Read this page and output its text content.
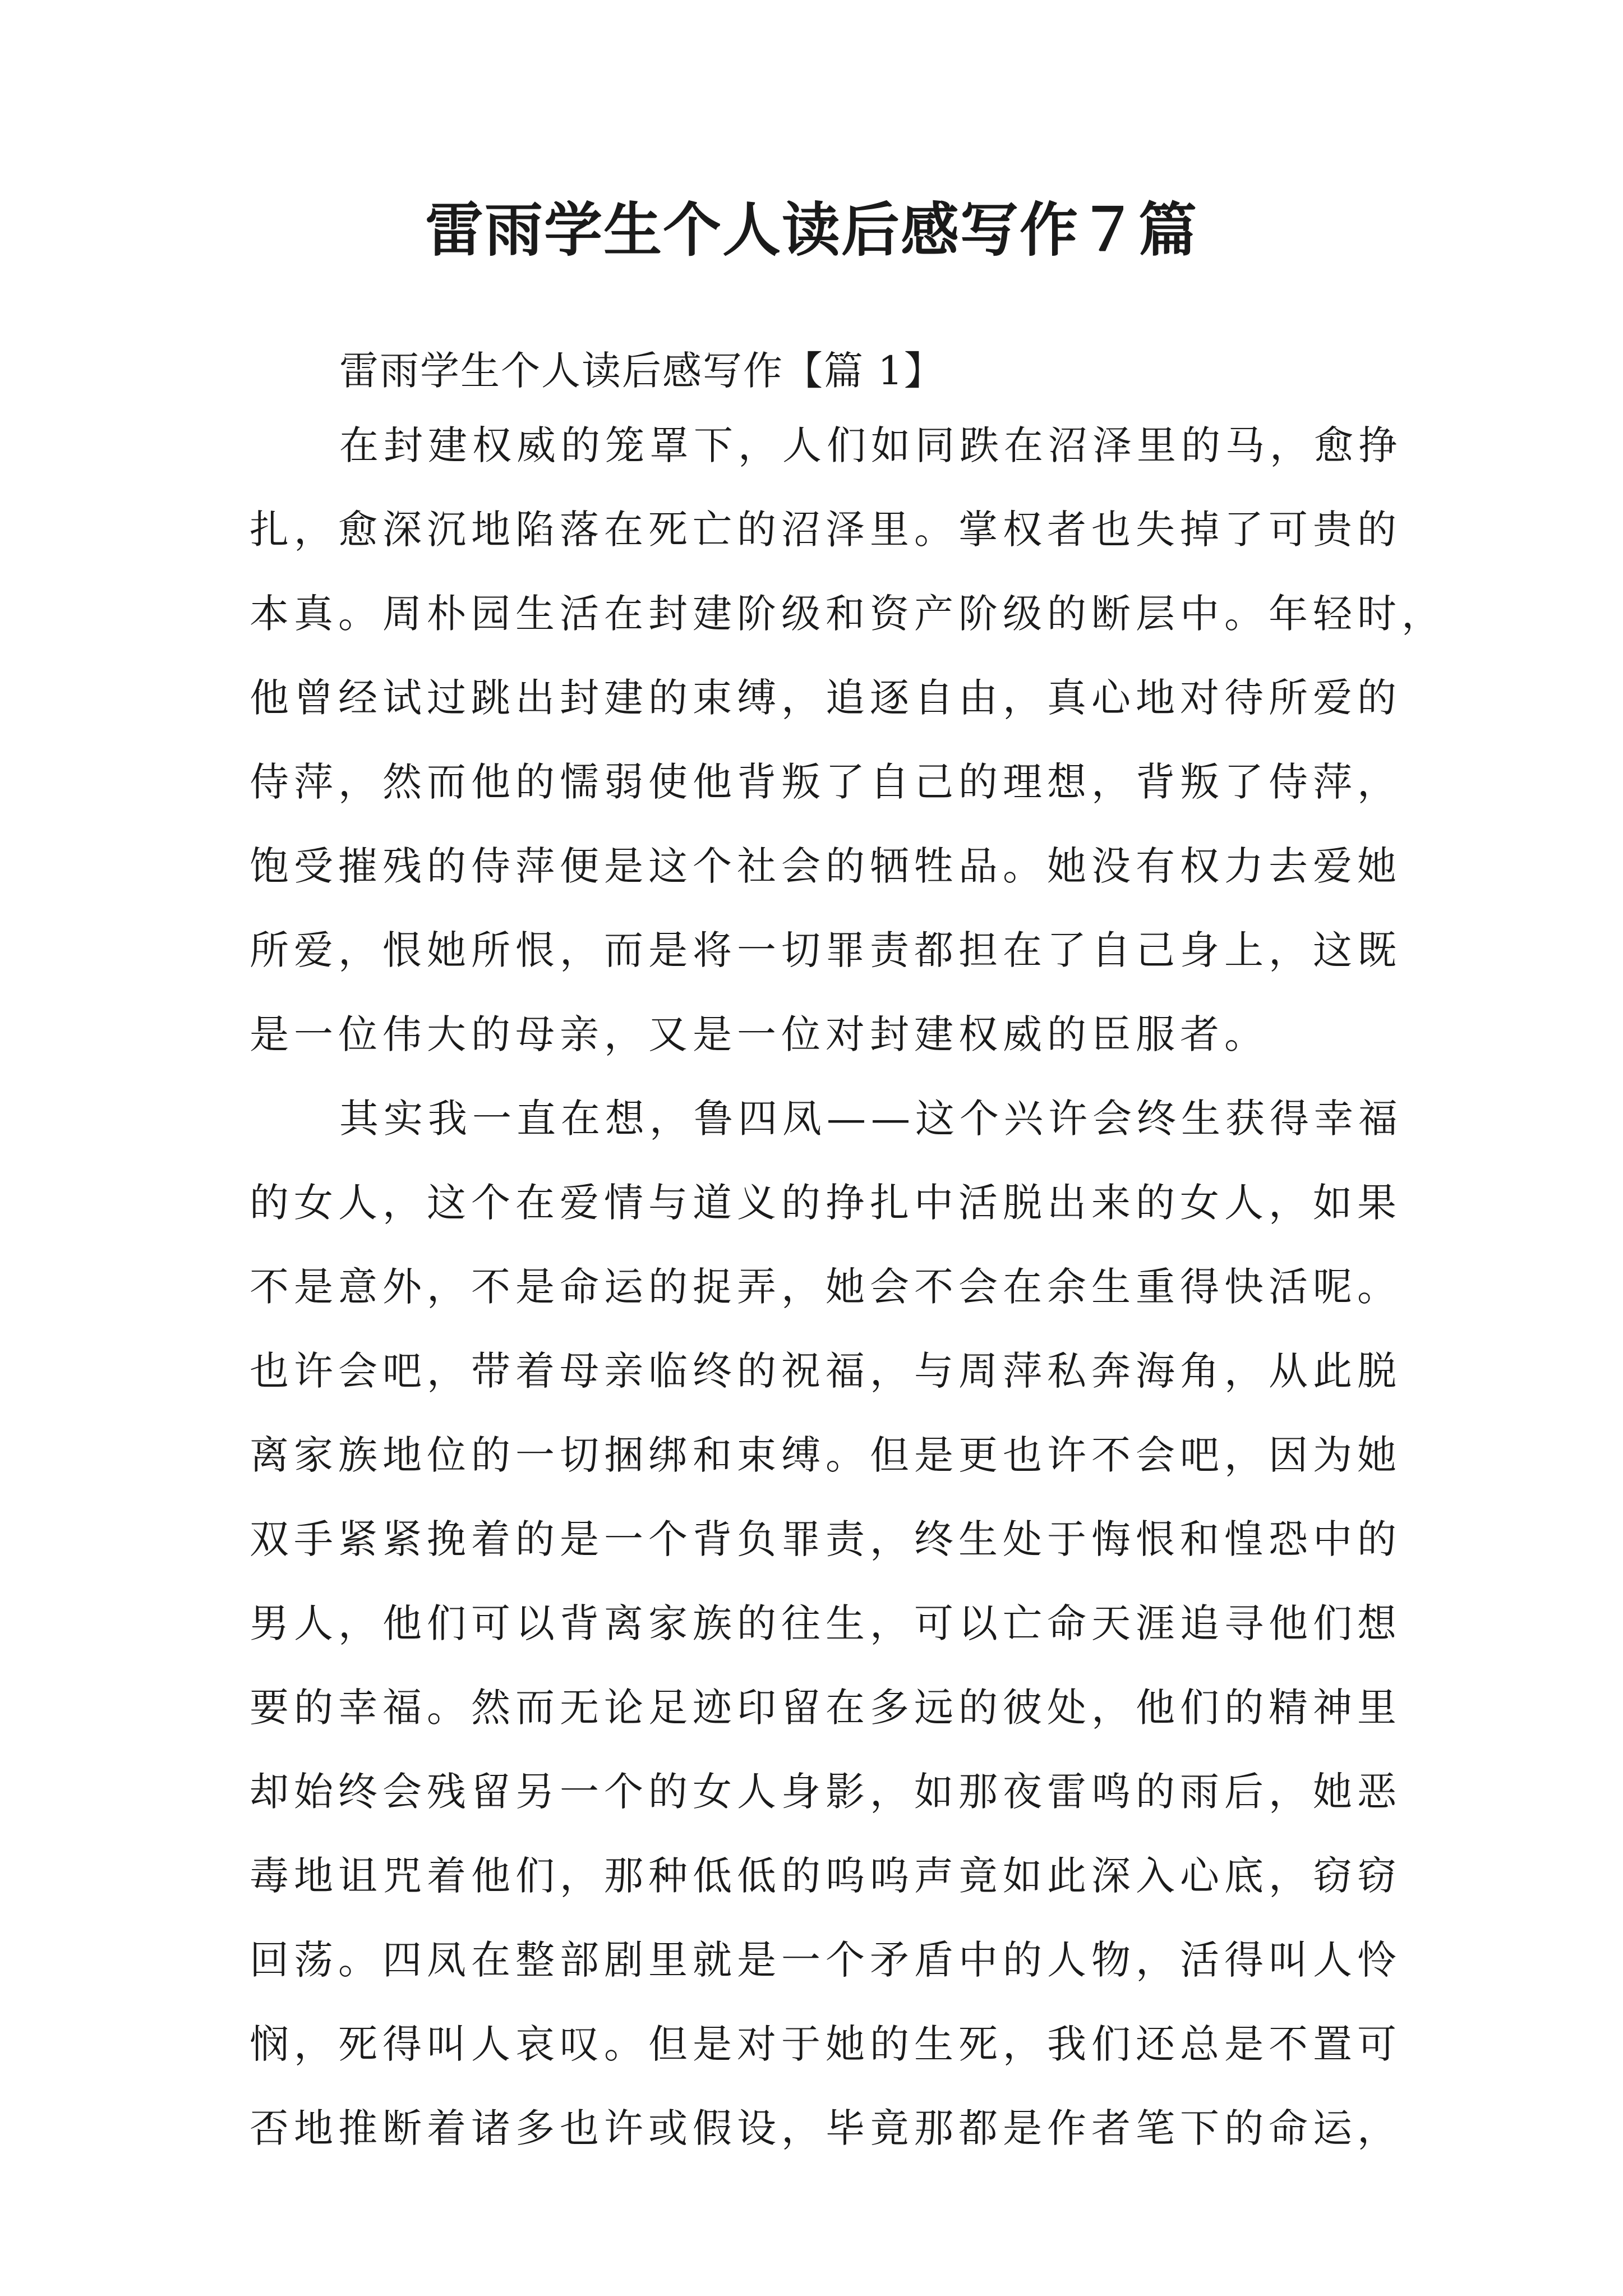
雷雨学生个人读后感写作７篇
雷雨学生个人读后感写作【篇 1】
在封建权威的笼罩下，人们如同跌在沼泽里的马，愈挣
扎，愈深沉地陷落在死亡的沼泽里。掌权者也失掉了可贵的
本真。周朴园生活在封建阶级和资产阶级的断层中。年轻时，
他曾经试过跳出封建的束缚，追逐自由，真心地对待所爱的
侍萍，然而他的懦弱使他背叛了自己的理想，背叛了侍萍，
饱受摧残的侍萍便是这个社会的牺牲品。她没有权力去爱她
所爱，恨她所恨，而是将一切罪责都担在了自己身上，这既
是一位伟大的母亲，又是一位对封建权威的臣服者。
其实我一直在想，鲁四凤——这个兴许会终生获得幸福
的女人，这个在爱情与道义的挣扎中活脱出来的女人，如果
不是意外，不是命运的捉弄，她会不会在余生重得快活呢。
也许会吧，带着母亲临终的祝福，与周萍私奔海角，从此脱
离家族地位的一切捆绑和束缚。但是更也许不会吧，因为她
双手紧紧挽着的是一个背负罪责，终生处于悔恨和惶恐中的
男人，他们可以背离家族的往生，可以亡命天涯追寻他们想
要的幸福。然而无论足迹印留在多远的彼处，他们的精神里
却始终会残留另一个的女人身影，如那夜雷鸣的雨后，她恶
毒地诅咒着他们，那种低低的呜呜声竟如此深入心底，窃窃
回荡。四凤在整部剧里就是一个矛盾中的人物，活得叫人怜
悯，死得叫人哀叹。但是对于她的生死，我们还总是不置可
否地推断着诸多也许或假设，毕竟那都是作者笔下的命运，
